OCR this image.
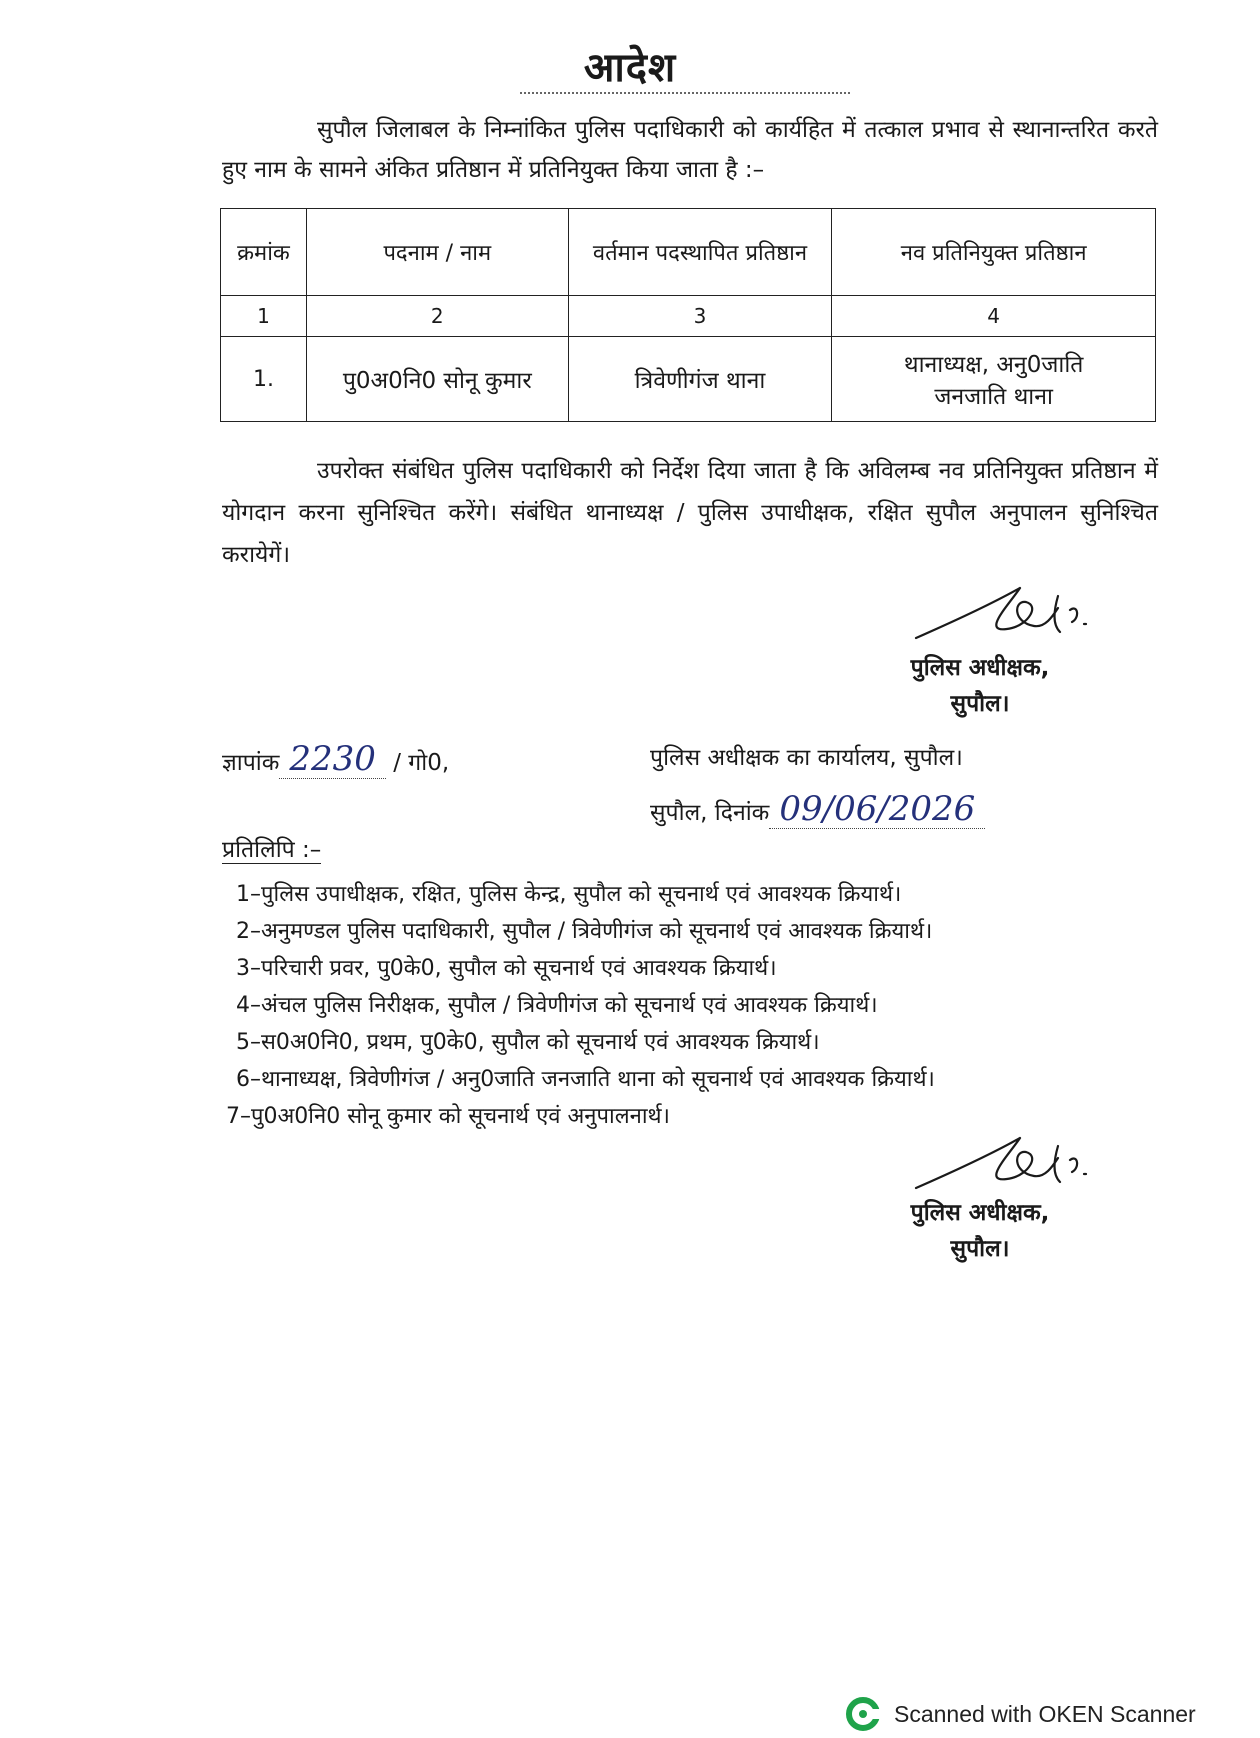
आदेश
सुपौल जिलाबल के निम्नांकित पुलिस पदाधिकारी को कार्यहित में तत्काल प्रभाव से स्थानान्तरित करते हुए नाम के सामने अंकित प्रतिष्ठान में प्रतिनियुक्त किया जाता है :–
क्रमांक	पदनाम / नाम	वर्तमान पदस्थापित प्रतिष्ठान	नव प्रतिनियुक्त प्रतिष्ठान
1	2	3	4
1.	पु0अ0नि0 सोनू कुमार	त्रिवेणीगंज थाना	थानाध्यक्ष, अनु0जाति जनजाति थाना
उपरोक्त संबंधित पुलिस पदाधिकारी को निर्देश दिया जाता है कि अविलम्ब नव प्रतिनियुक्त प्रतिष्ठान में योगदान करना सुनिश्चित करेंगे। संबंधित थानाध्यक्ष / पुलिस उपाधीक्षक, रक्षित सुपौल अनुपालन सुनिश्चित करायेगें।
पुलिस अधीक्षक,
सुपौल।
ज्ञापांक 2230 / गो0,	पुलिस अधीक्षक का कार्यालय, सुपौल।
सुपौल, दिनांक 09/06/2026
प्रतिलिपि :–
1–पुलिस उपाधीक्षक, रक्षित, पुलिस केन्द्र, सुपौल को सूचनार्थ एवं आवश्यक क्रियार्थ।
2–अनुमण्डल पुलिस पदाधिकारी, सुपौल / त्रिवेणीगंज को सूचनार्थ एवं आवश्यक क्रियार्थ।
3–परिचारी प्रवर, पु0के0, सुपौल को सूचनार्थ एवं आवश्यक क्रियार्थ।
4–अंचल पुलिस निरीक्षक, सुपौल / त्रिवेणीगंज को सूचनार्थ एवं आवश्यक क्रियार्थ।
5–स0अ0नि0, प्रथम, पु0के0, सुपौल को सूचनार्थ एवं आवश्यक क्रियार्थ।
6–थानाध्यक्ष, त्रिवेणीगंज / अनु0जाति जनजाति थाना को सूचनार्थ एवं आवश्यक क्रियार्थ।
7–पु0अ0नि0 सोनू कुमार को सूचनार्थ एवं अनुपालनार्थ।
पुलिस अधीक्षक,
सुपौल।
Scanned with OKEN Scanner
